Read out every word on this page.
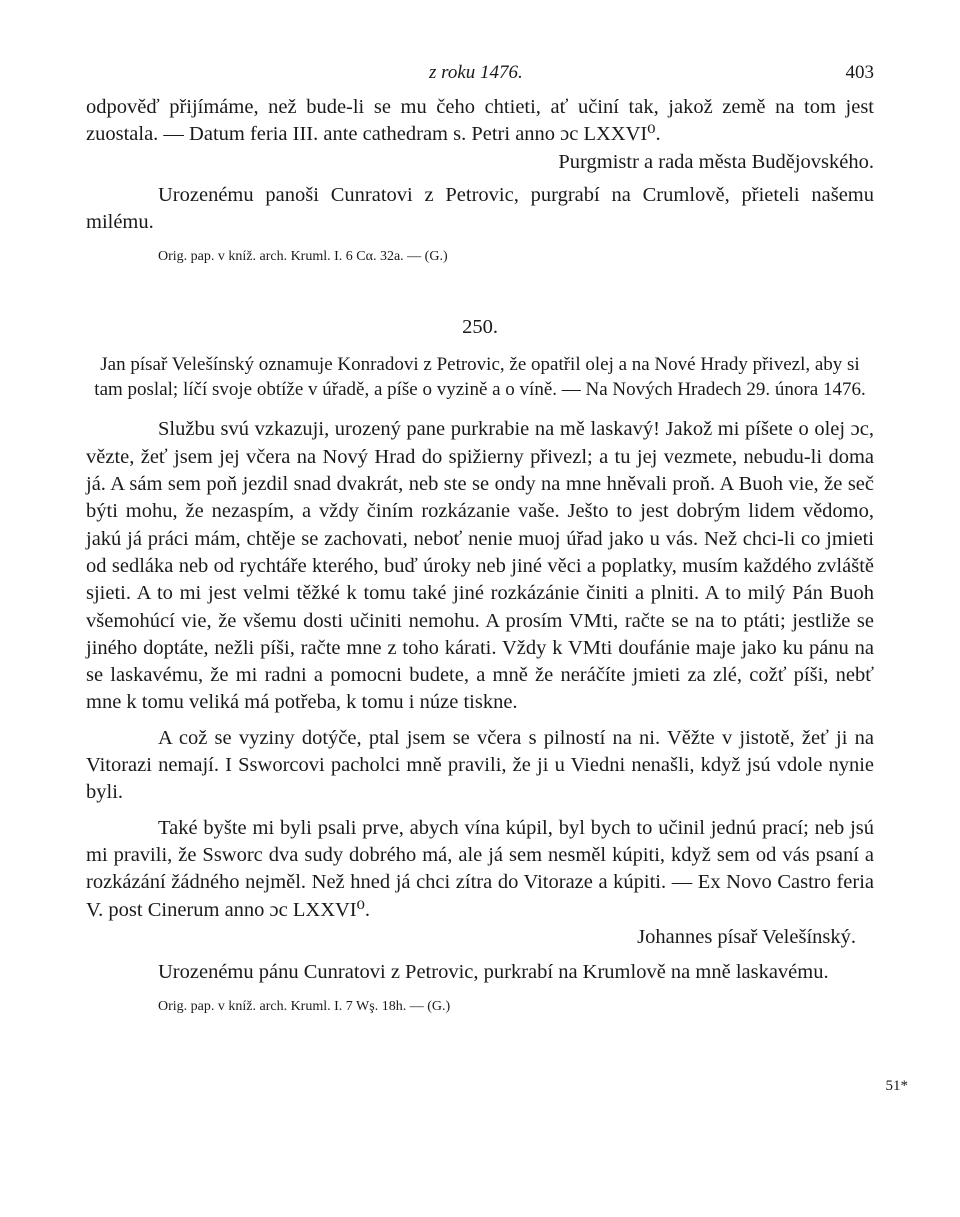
z roku 1476.	403

odpověď přijímáme, než bude-li se mu čeho chtieti, ať učiní tak, jakož země na tom jest zuostala. — Datum feria III. ante cathedram s. Petri anno ɔc LXXVI⁰.

Purgmistr a rada města Budějovského.

Urozenému panoši Cunratovi z Petrovic, purgrabí na Crumlově, přieteli našemu milému.

Orig. pap. v kníž. arch. Kruml. I. 6 Cα. 32a. — (G.)

250.

Jan písař Velešínský oznamuje Konradovi z Petrovic, že opatřil olej a na Nové Hrady přivezl, aby si tam poslal; líčí svoje obtíže v úřadě, a píše o vyzině a o víně. — Na Nových Hradech 29. února 1476.

Službu svú vzkazuji, urozený pane purkrabie na mě laskavý! Jakož mi píšete o olej ɔc, vězte, žeť jsem jej včera na Nový Hrad do spižierny přivezl; a tu jej vezmete, nebudu-li doma já. A sám sem poň jezdil snad dvakrát, neb ste se ondy na mne hněvali proň. A Buoh vie, že seč býti mohu, že nezaspím, a vždy činím rozkázanie vaše. Ješto to jest dobrým lidem vědomo, jakú já práci mám, chtěje se zachovati, neboť nenie muoj úřad jako u vás. Než chci-li co jmieti od sedláka neb od rychtáře kterého, buď úroky neb jiné věci a poplatky, musím každého zvláště sjieti. A to mi jest velmi těžké k tomu také jiné rozkázánie činiti a plniti. A to milý Pán Buoh všemohúcí vie, že všemu dosti učiniti nemohu. A prosím VMti, račte se na to ptáti; jestliže se jiného doptáte, nežli píši, račte mne z toho kárati. Vždy k VMti doufánie maje jako ku pánu na se laskavému, že mi radni a pomocni budete, a mně že neráčíte jmieti za zlé, cožť píši, nebť mne k tomu veliká má potřeba, k tomu i núze tiskne.

A což se vyziny dotýče, ptal jsem se včera s pilností na ni. Věžte v jistotě, žeť ji na Vitorazi nemají. I Ssworcovi pacholci mně pravili, že ji u Viedni nenašli, když jsú vdole nynie byli.

Také byšte mi byli psali prve, abych vína kúpil, byl bych to učinil jednú prací; neb jsú mi pravili, že Ssworc dva sudy dobrého má, ale já sem nesměl kúpiti, když sem od vás psaní a rozkázání žádného nejměl. Než hned já chci zítra do Vitoraze a kúpiti. — Ex Novo Castro feria V. post Cinerum anno ɔc LXXVI⁰.

Johannes písař Velešínský.

Urozenému pánu Cunratovi z Petrovic, purkrabí na Krumlově na mně laskavému.

Orig. pap. v kníž. arch. Kruml. I. 7 Wş. 18h. — (G.)

51*
